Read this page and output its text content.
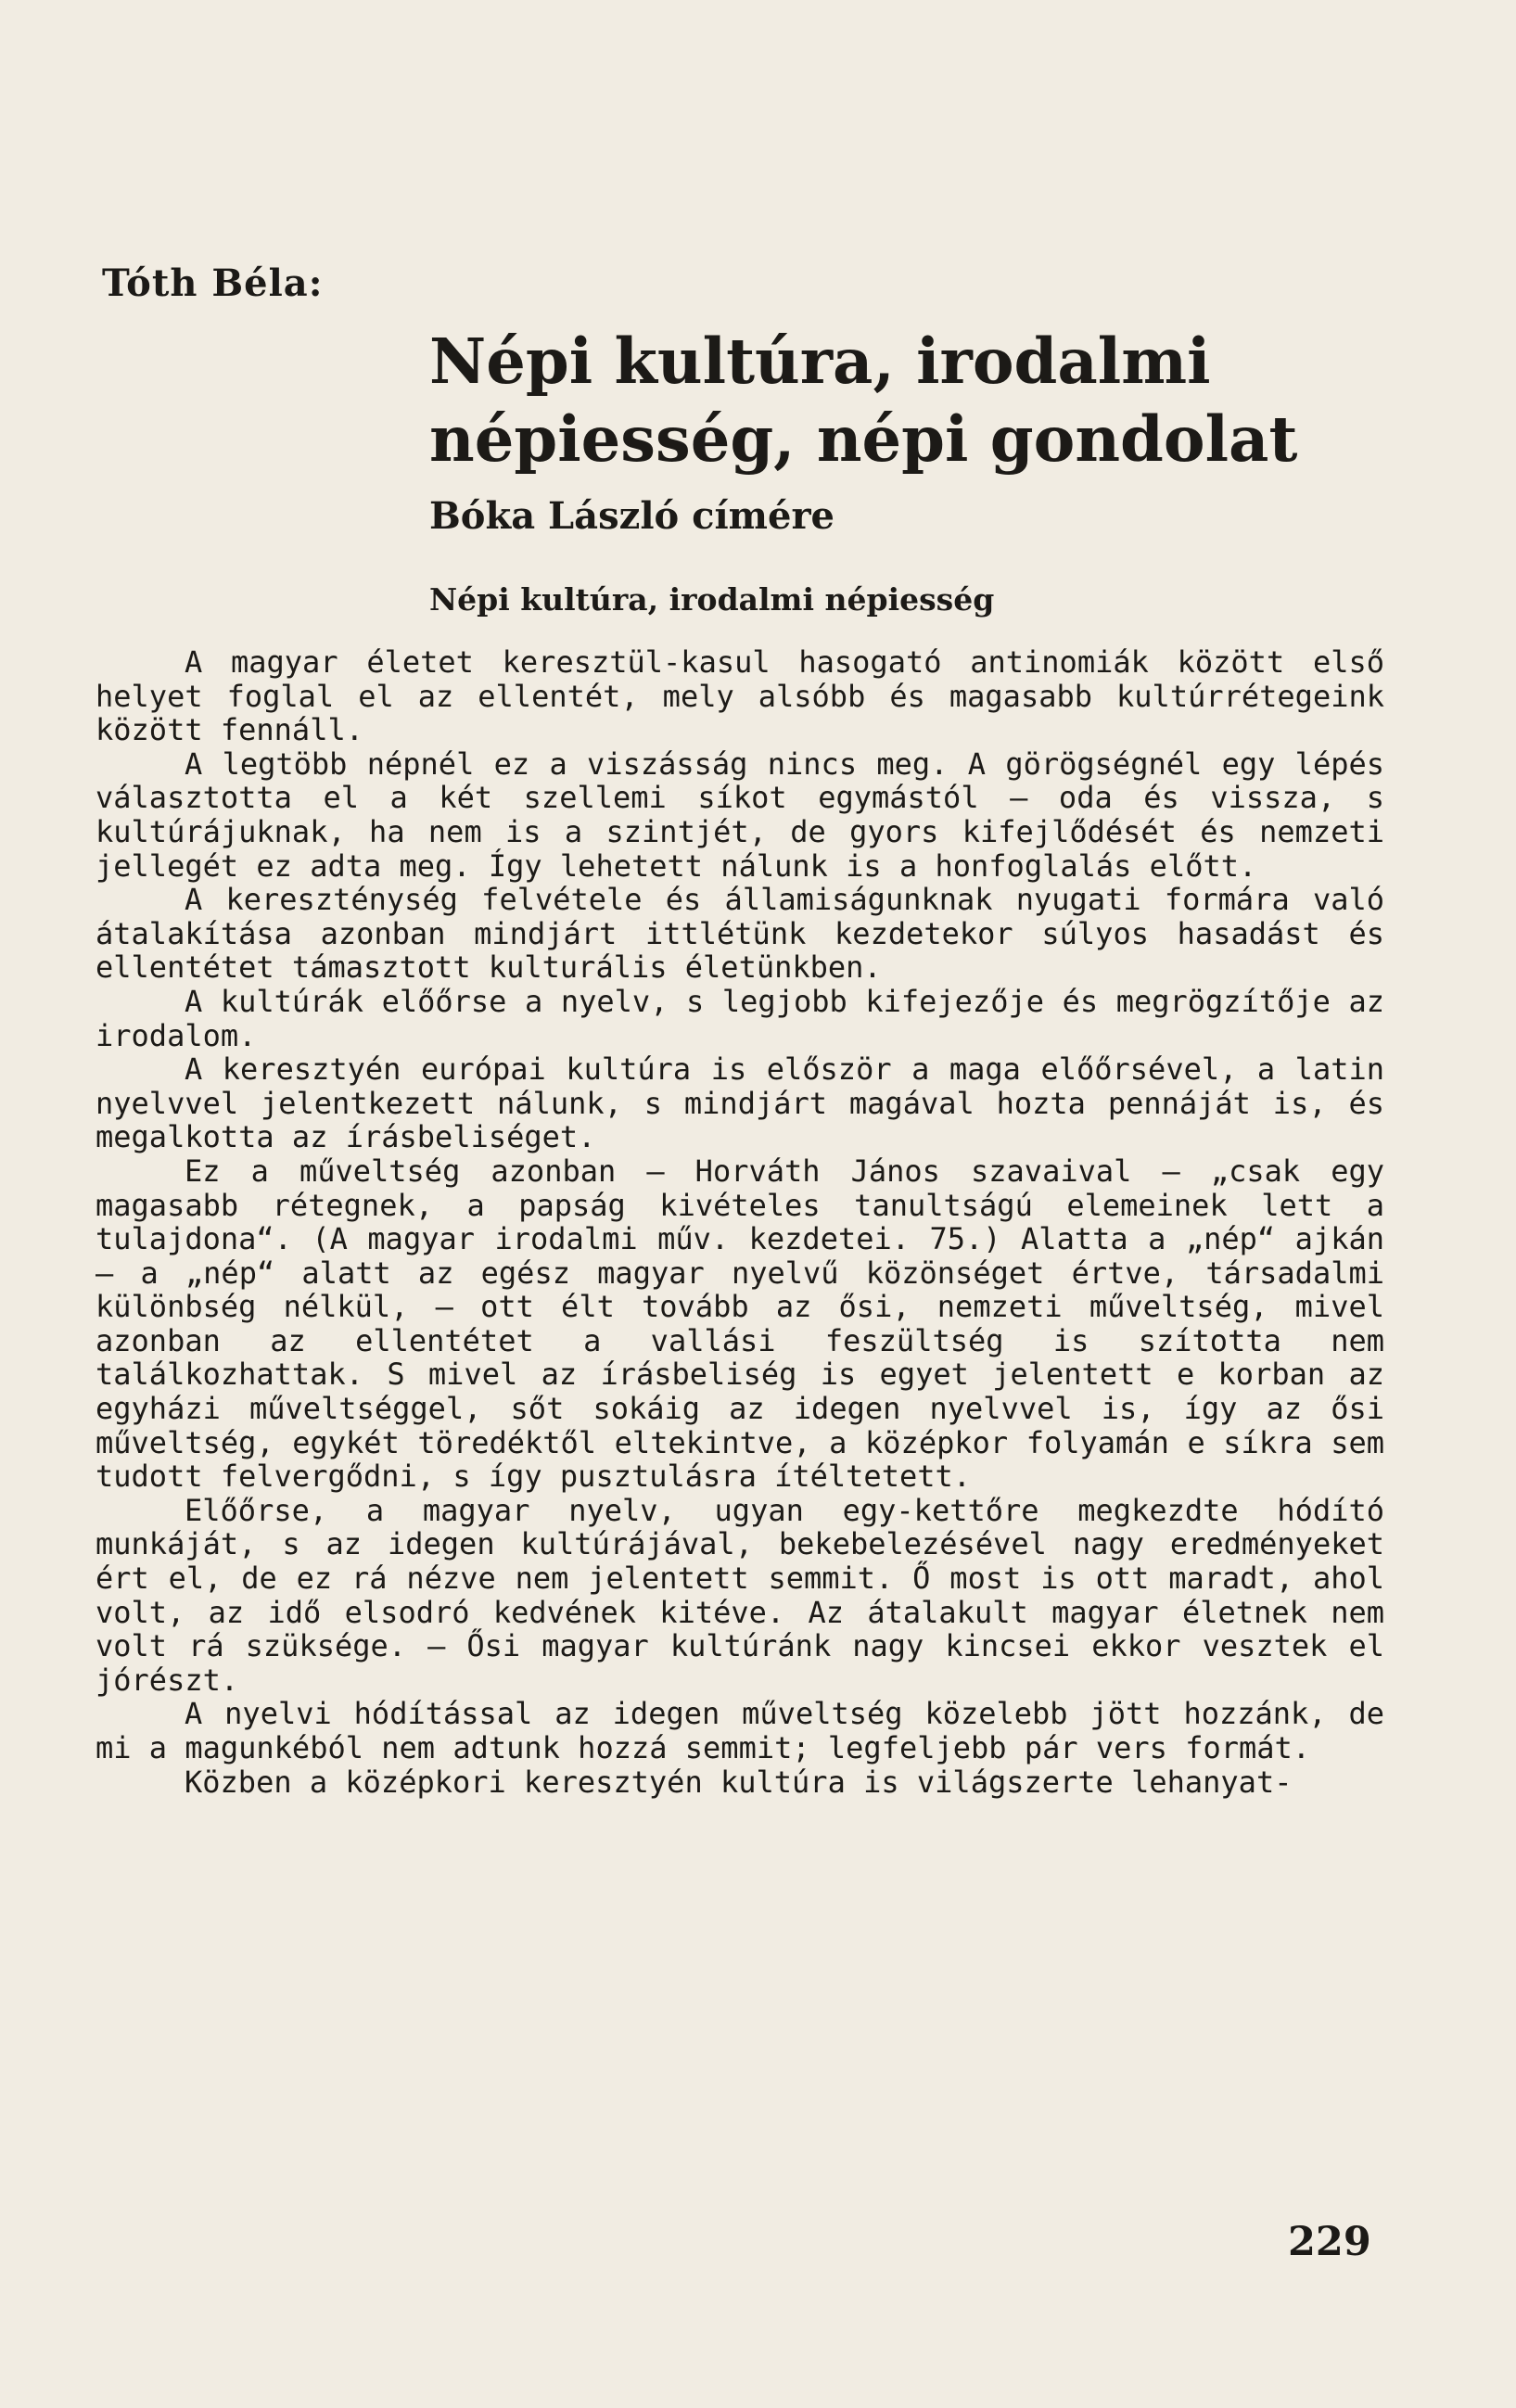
Tóth Béla:
Népi kultúra, irodalmi népiesség, népi gondolat
Bóka László címére
Népi kultúra, irodalmi népiesség

A magyar életet keresztül-kasul hasogató antinomiák között első helyet foglal el az ellentét, mely alsóbb és magasabb kultúrrétegeink között fennáll.

A legtöbb népnél ez a viszásság nincs meg. A görögségnél egy lépés választotta el a két szellemi síkot egymástól — oda és vissza, s kultúrájuknak, ha nem is a szintjét, de gyors kifejlődését és nemzeti jellegét ez adta meg. Így lehetett nálunk is a honfoglalás előtt.

A kereszténység felvétele és államiságunknak nyugati formára való átalakítása azonban mindjárt ittlétünk kezdetekor súlyos hasadást és ellentétet támasztott kulturális életünkben.

A kultúrák előőrse a nyelv, s legjobb kifejezője és megrögzítője az irodalom.

A keresztyén európai kultúra is először a maga előőrsével, a latin nyelvvel jelentkezett nálunk, s mindjárt magával hozta pennáját is, és megalkotta az írásbeliséget.

Ez a műveltség azonban — Horváth János szavaival — „csak egy magasabb rétegnek, a papság kivételes tanultságú elemeinek lett a tulajdona“. (A magyar irodalmi műv. kezdetei. 75.) Alatta a „nép“ ajkán — a „nép“ alatt az egész magyar nyelvű közönséget értve, társadalmi különbség nélkül, — ott élt tovább az ősi, nemzeti műveltség, mivel azonban az ellentétet a vallási feszültség is szította nem találkozhattak. S mivel az írásbeliség is egyet jelentett e korban az egyházi műveltséggel, sőt sokáig az idegen nyelvvel is, így az ősi műveltség, egykét töredéktől eltekintve, a középkor folyamán e síkra sem tudott felvergődni, s így pusztulásra ítéltetett.

Előőrse, a magyar nyelv, ugyan egy-kettőre megkezdte hódító munkáját, s az idegen kultúrájával, bekebelezésével nagy eredményeket ért el, de ez rá nézve nem jelentett semmit. Ő most is ott maradt, ahol volt, az idő elsodró kedvének kitéve. Az átalakult magyar életnek nem volt rá szüksége. — Ősi magyar kultúránk nagy kincsei ekkor vesztek el jórészt.

A nyelvi hódítással az idegen műveltség közelebb jött hozzánk, de mi a magunkéból nem adtunk hozzá semmit; legfeljebb pár vers formát.

Közben a középkori keresztyén kultúra is világszerte lehanyat-

229
